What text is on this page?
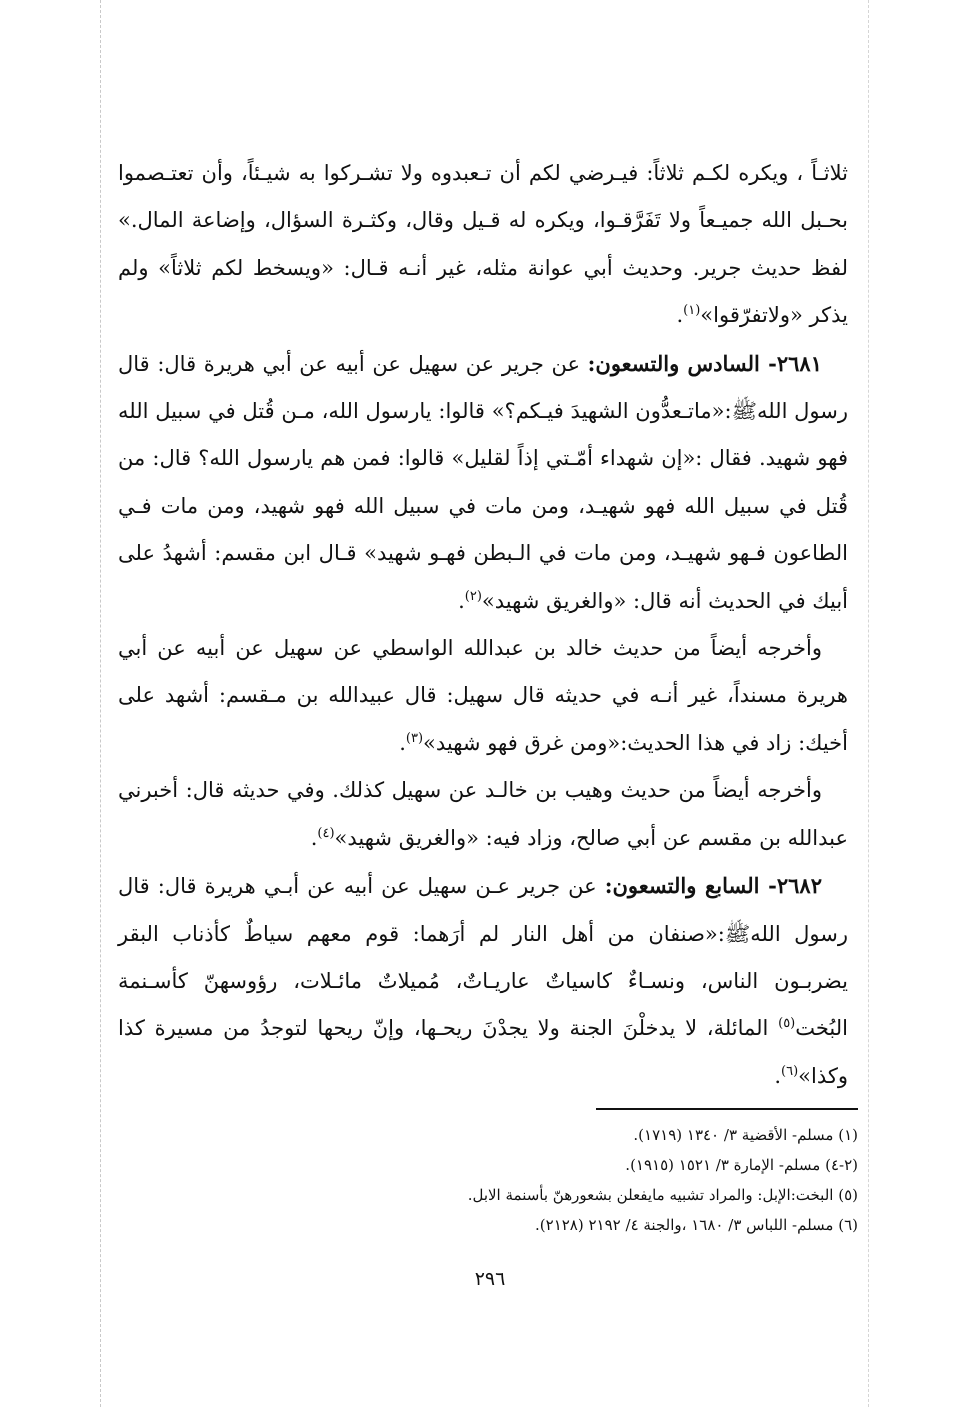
ثلاثـاً ، ويكره لكـم ثلاثاً: فيـرضي لكم أن تـعبدوه ولا تشـركوا به شيـئاً، وأن تعتـصموا بحـبل الله جميـعاً ولا تَفَرَّقـوا، ويكره له قـيل وقال، وكثـرة السؤال، وإضاعة المال.» لفظ حديث جرير. وحديث أبي عوانة مثله، غير أنـه قـال: «ويسخط لكم ثلاثاً» ولم يذكر «ولاتفرّقوا»$^{(١)}$.

٢٦٨١- السادس والتسعون: عن جرير عن سهيل عن أبيه عن أبي هريرة قال: قال رسول اللهﷺ:«ماتـعدُّون الشهيدَ فيـكم؟» قالوا: يارسول الله، مـن قُتل في سبيل الله فهو شهيد. فقال :«إن شهداء أمّـتي إذاً لقليل» قالوا: فمن هم يارسول الله؟ قال: من قُتل في سبيل الله فهو شهيـد، ومن مات في سبيل الله فهو شهيد، ومن مات فـي الطاعون فـهو شهيـد، ومن مات في الـبطن فهـو شهيد» قـال ابن مقسم: أشهدُ على أبيك في الحديث أنه قال: «والغريق شهيد»$^{(٢)}$.

وأخرجه أيضاً من حديث خالد بن عبدالله الواسطي عن سهيل عن أبيه عن أبي هريرة مسنداً، غير أنـه في حديثه قال سهيل: قال عبيدالله بن مـقسم: أشهد على أخيك: زاد في هذا الحديث:«ومن غرق فهو شهيد»$^{(٣)}$.

وأخرجه أيضاً من حديث وهيب بن خالـد عن سهيل كذلك. وفي حديثه قال: أخبرني عبدالله بن مقسم عن أبي صالح، وزاد فيه: «والغريق شهيد»$^{(٤)}$.

٢٦٨٢- السابع والتسعون: عن جرير عـن سهيل عن أبيه عن أبـي هريرة قال: قال رسول اللهﷺ:«صنفان من أهل النار لم أرَهما: قوم معهم سياطٌ كأذناب البقر يضربـون الناس، ونسـاءٌ كاسياتٌ عاريـاتٌ، مُميلاتٌ مائـلات، رؤوسهنّ كأسـنمة البُخت$^{(٥)}$ المائلة، لا يدخلْنَ الجنة ولا يجدْنَ ريحـها، وإنّ ريحها لتوجدُ من مسيرة كذا وكذا»$^{(٦)}$.

(١) مسلم- الأقضية ٣/ ١٣٤٠ (١٧١٩).

(٢-٤) مسلم- الإمارة ٣/ ١٥٢١ (١٩١٥).

(٥) البخت:الإبل: والمراد تشبيه مايفعلن بشعورهنّ بأسنمة الابل.

(٦) مسلم- اللباس ٣/ ١٦٨٠ ،والجنة ٤/ ٢١٩٢ (٢١٢٨).

٢٩٦
